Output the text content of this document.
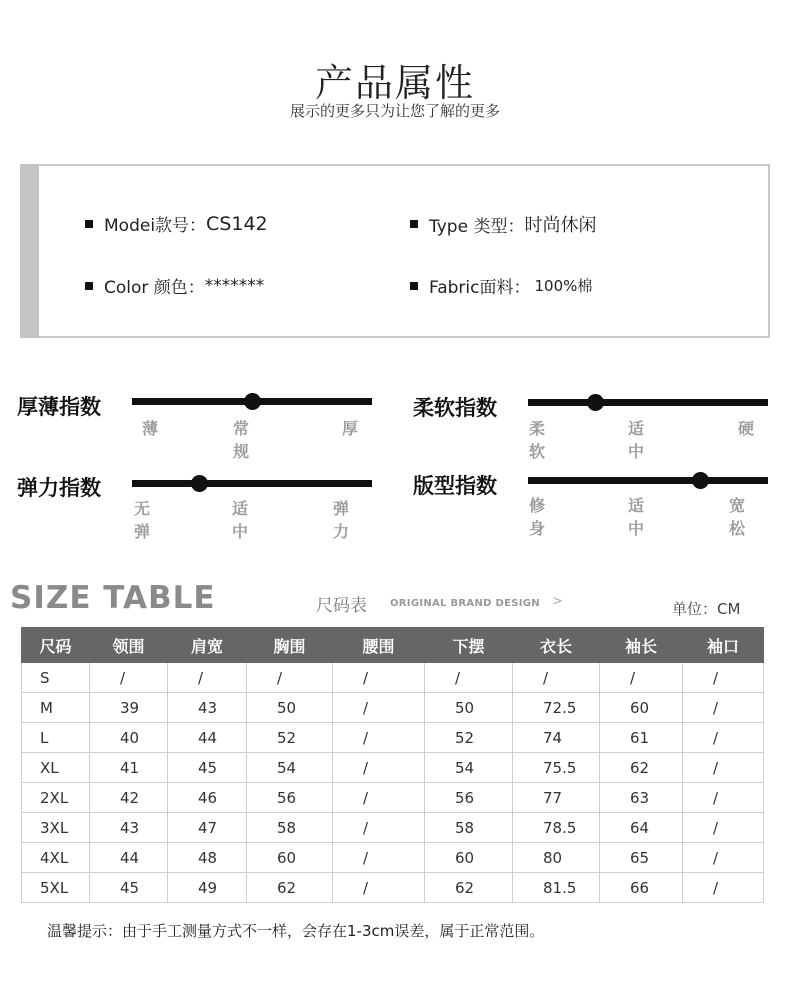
产品属性
展示的更多只为让您了解的更多
Modei款号： CS142	Type 类型： 时尚休闲
Color 颜色： *******	Fabric面料： 100%棉
厚薄指数
薄	常规
厚
柔软指数
柔软
适中
硬
弹力指数
无弹
适中
弹力
版型指数
修身
适中
宽松
SIZE TABLE	尺码表 ORIGINAL BRAND DESIGN >	单位：CM
尺码	领围	肩宽	胸围	腰围	下摆	衣长	袖长	袖口
S	/	/	/	/	/	/	/	/
M	39	43	50	/	50	72.5	60	/
L	40	44	52	/	52	74	61	/
XL	41	45	54	/	54	75.5	62	/
2XL	42	46	56	/	56	77	63	/
3XL	43	47	58	/	58	78.5	64	/
4XL	44	48	60	/	60	80	65	/
5XL	45	49	62	/	62	81.5	66	/
温馨提示：由于手工测量方式不一样，会存在1-3cm误差，属于正常范围。
